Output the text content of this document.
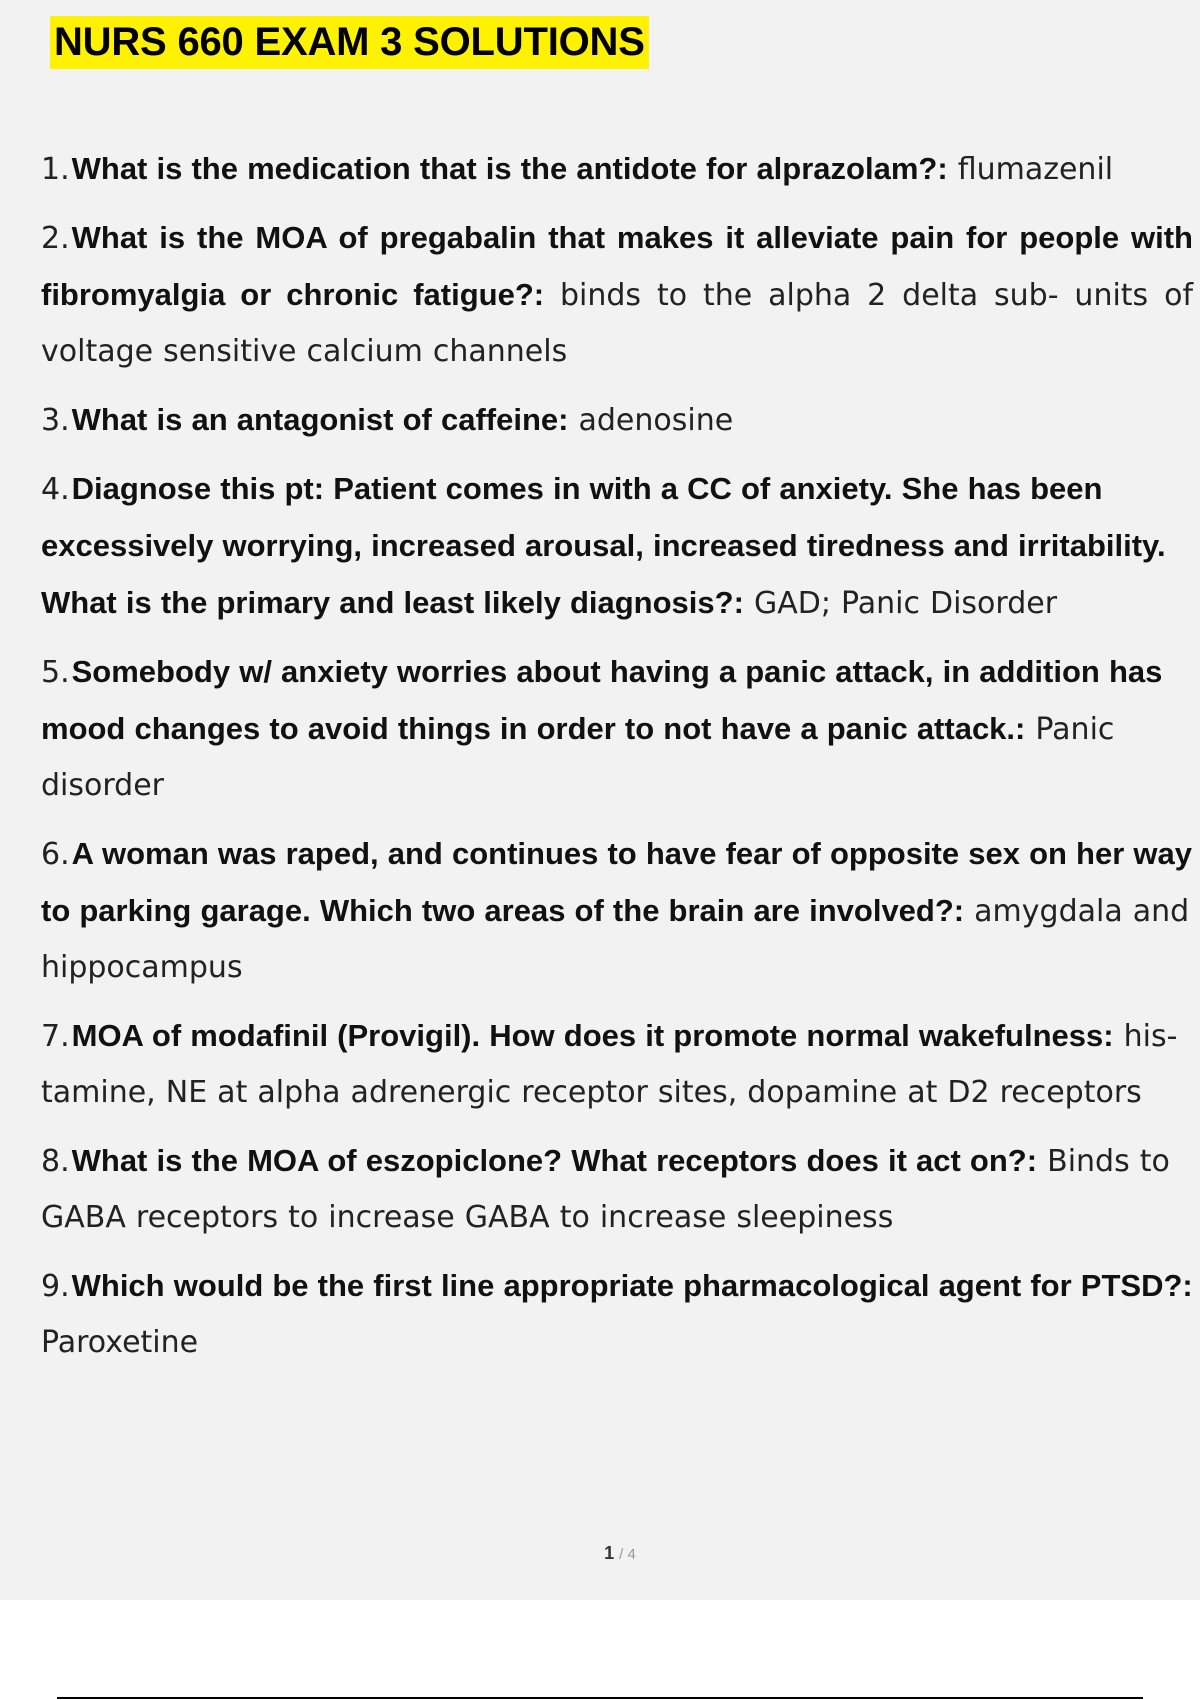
NURS 660 EXAM 3 SOLUTIONS
1.What is the medication that is the antidote for alprazolam?: flumazenil
2.What is the MOA of pregabalin that makes it alleviate pain for people with fibromyalgia or chronic fatigue?: binds to the alpha 2 delta sub- units of voltage sensitive calcium channels
3.What is an antagonist of caffeine: adenosine
4.Diagnose this pt: Patient comes in with a CC of anxiety. She has been excessively worrying, increased arousal, increased tiredness and irritability. What is the primary and least likely diagnosis?: GAD; Panic Disorder
5.Somebody w/ anxiety worries about having a panic attack, in addition has mood changes to avoid things in order to not have a panic attack.: Panic disorder
6.A woman was raped, and continues to have fear of opposite sex on her way to parking garage. Which two areas of the brain are involved?: amygdala and hippocampus
7.MOA of modafinil (Provigil). How does it promote normal wakefulness: his- tamine, NE at alpha adrenergic receptor sites, dopamine at D2 receptors
8.What is the MOA of eszopiclone? What receptors does it act on?: Binds to GABA receptors to increase GABA to increase sleepiness
9.Which would be the first line appropriate pharmacological agent for PTSD?: Paroxetine
1 / 4
